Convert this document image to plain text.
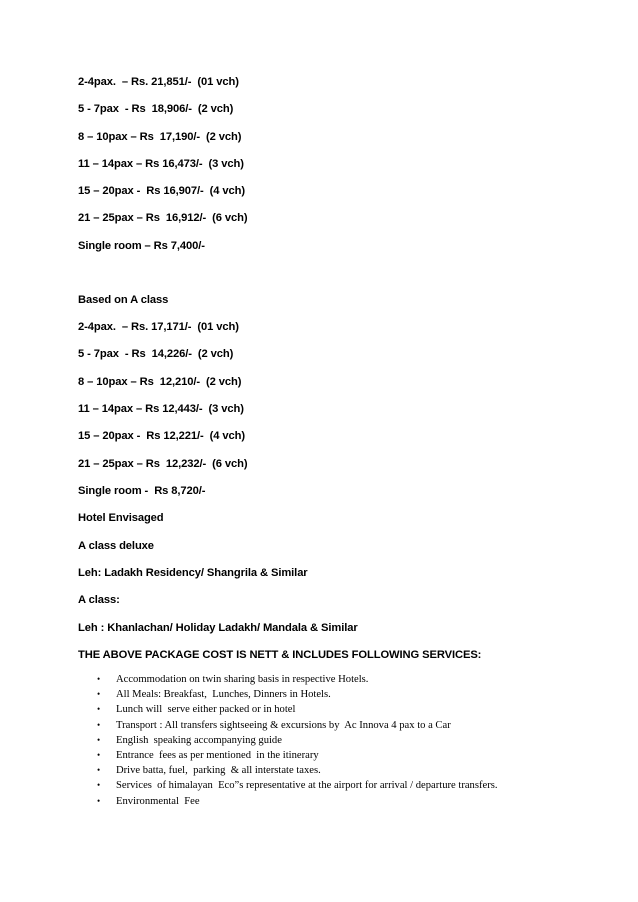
2-4pax.  – Rs. 21,851/-  (01 vch)
5 - 7pax  - Rs  18,906/-  (2 vch)
8 – 10pax – Rs  17,190/-  (2 vch)
11 – 14pax – Rs 16,473/-  (3 vch)
15 – 20pax -  Rs 16,907/-  (4 vch)
21 – 25pax – Rs  16,912/-  (6 vch)
Single room – Rs 7,400/-
Based on A class
2-4pax.  – Rs. 17,171/-  (01 vch)
5 - 7pax  - Rs  14,226/-  (2 vch)
8 – 10pax – Rs  12,210/-  (2 vch)
11 – 14pax – Rs 12,443/-  (3 vch)
15 – 20pax -  Rs 12,221/-  (4 vch)
21 – 25pax – Rs  12,232/-  (6 vch)
Single room -  Rs 8,720/-
Hotel Envisaged
A class deluxe
Leh: Ladakh Residency/ Shangrila & Similar
A class:
Leh : Khanlachan/ Holiday Ladakh/ Mandala & Similar
THE ABOVE PACKAGE COST IS NETT & INCLUDES FOLLOWING SERVICES:
• Accommodation on twin sharing basis in respective Hotels.
• All Meals: Breakfast,  Lunches, Dinners in Hotels.
• Lunch will  serve either packed or in hotel
• Transport : All transfers sightseeing & excursions by  Ac Innova 4 pax to a Car
• English  speaking accompanying guide
• Entrance  fees as per mentioned  in the itinerary
• Drive batta, fuel,  parking  & all interstate taxes.
• Services  of himalayan  Eco”s representative at the airport for arrival / departure transfers.
• Environmental  Fee
